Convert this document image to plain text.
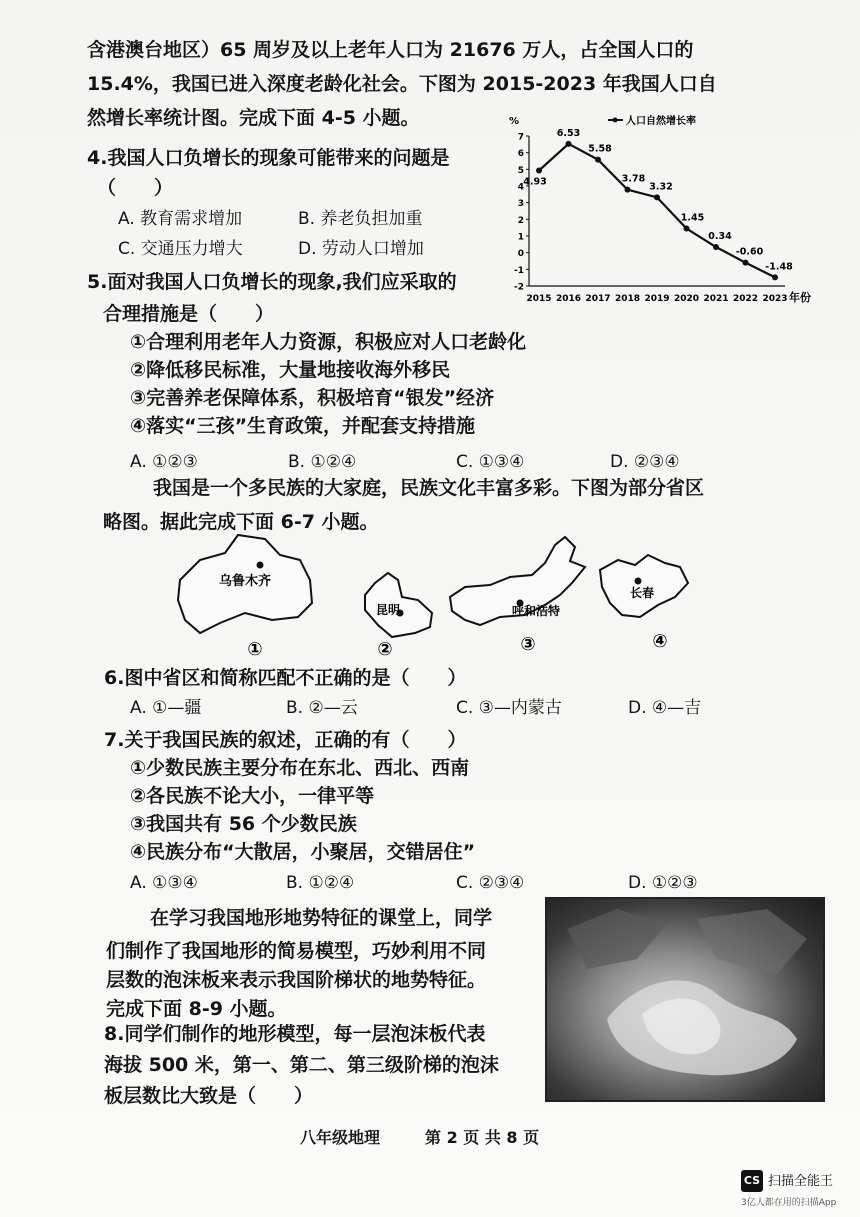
含港澳台地区）65 周岁及以上老年人口为 21676 万人，占全国人口的
15.4%，我国已进入深度老龄化社会。下图为 2015-2023 年我国人口自
然增长率统计图。完成下面 4-5 小题。
4.我国人口负增长的现象可能带来的问题是
（　　）
A. 教育需求增加	B. 养老负担加重
C. 交通压力增大	D. 劳动人口增加
%	人口自然增长率
年份
-2
-1
0
1
2
3
4
5
6
7
2015 2016 2017 2018 2019 2020 2021 2022 2023
4.93
6.53
5.58
3.78
3.32
1.45
0.34
-0.60
-1.48
5.面对我国人口负增长的现象,我们应采取的
合理措施是（　　）
①合理利用老年人力资源，积极应对人口老龄化
②降低移民标准，大量地接收海外移民
③完善养老保障体系，积极培育“银发”经济
④落实“三孩”生育政策，并配套支持措施
A. ①②③	B. ①②④	C. ①③④	D. ②③④
我国是一个多民族的大家庭，民族文化丰富多彩。下图为部分省区
略图。据此完成下面 6-7 小题。
乌鲁木齐
①
昆明
②
呼和浩特
③
长春
④
6.图中省区和简称匹配不正确的是（　　）
A. ①—疆	B. ②—云	C. ③—内蒙古	D. ④—吉
7.关于我国民族的叙述，正确的有（　　）
①少数民族主要分布在东北、西北、西南
②各民族不论大小，一律平等
③我国共有 56 个少数民族
④民族分布“大散居，小聚居，交错居住”
A. ①③④	B. ①②④	C. ②③④	D. ①②③
在学习我国地形地势特征的课堂上，同学
们制作了我国地形的简易模型，巧妙利用不同
层数的泡沫板来表示我国阶梯状的地势特征。
完成下面 8-9 小题。
8.同学们制作的地形模型，每一层泡沫板代表
海拔 500 米，第一、第二、第三级阶梯的泡沫
板层数比大致是（　　）
八年级地理	第 2 页 共 8 页
CS 扫描全能王
3亿人都在用的扫描App
